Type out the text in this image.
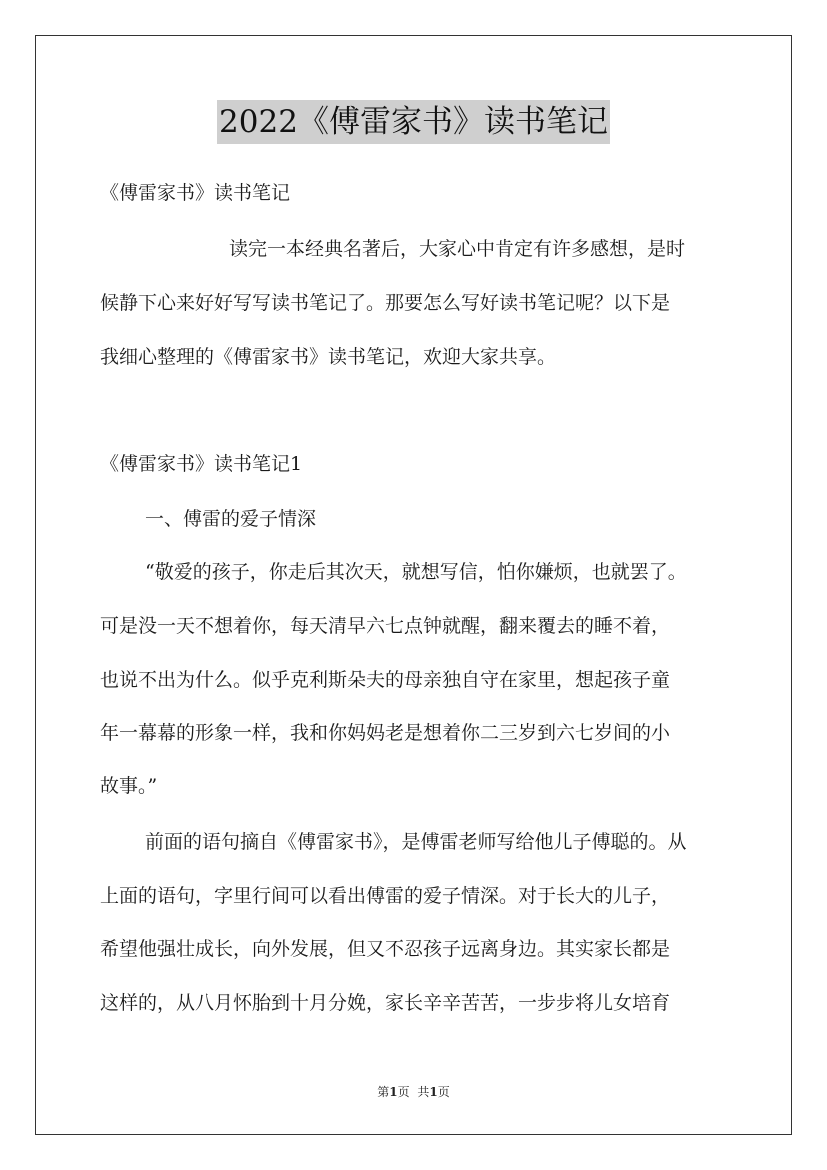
2022《傅雷家书》读书笔记
《傅雷家书》读书笔记
读完一本经典名著后，大家心中肯定有许多感想，是时
候静下心来好好写写读书笔记了。那要怎么写好读书笔记呢？以下是
我细心整理的《傅雷家书》读书笔记，欢迎大家共享。
《傅雷家书》读书笔记1
一、傅雷的爱子情深
“敬爱的孩子，你走后其次天，就想写信，怕你嫌烦，也就罢了。
可是没一天不想着你，每天清早六七点钟就醒，翻来覆去的睡不着，
也说不出为什么。似乎克利斯朵夫的母亲独自守在家里，想起孩子童
年一幕幕的形象一样，我和你妈妈老是想着你二三岁到六七岁间的小
故事。”
前面的语句摘自《傅雷家书》，是傅雷老师写给他儿子傅聪的。从
上面的语句，字里行间可以看出傅雷的爱子情深。对于长大的儿子，
希望他强壮成长，向外发展，但又不忍孩子远离身边。其实家长都是
这样的，从八月怀胎到十月分娩，家长辛辛苦苦，一步步将儿女培育
第1页 共1页
